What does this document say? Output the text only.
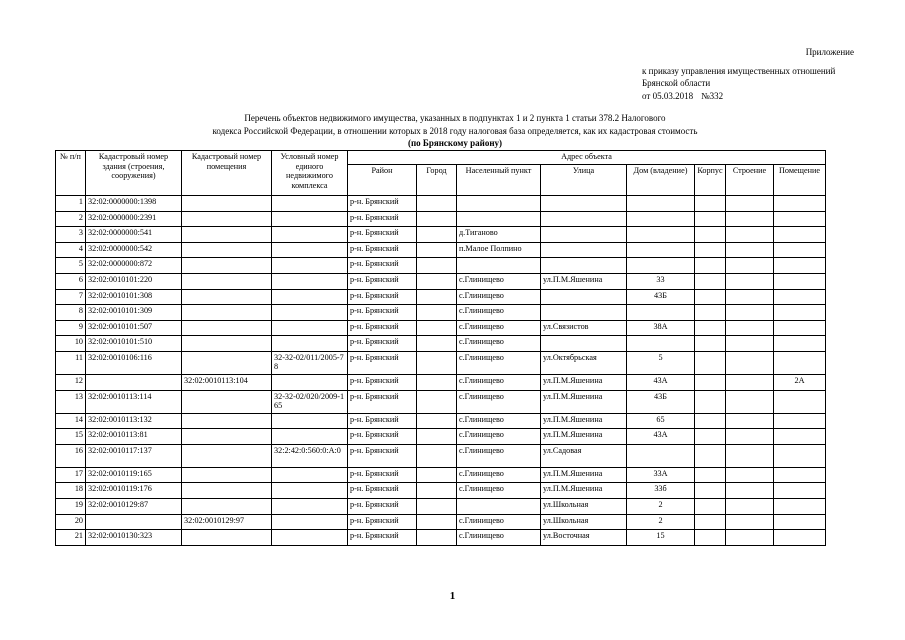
Приложение
к приказу управления имущественных отношений
Брянской области
от 05.03.2018 №332
Перечень объектов недвижимого имущества, указанных в подпунктах 1 и 2 пункта 1 статьи 378.2 Налогового
кодекса Российской Федерации, в отношении которых в 2018 году налоговая база определяется, как их кадастровая стоимость
(по Брянскому району)
№ п/п	Кадастровый номер здания (строения, сооружения)	Кадастровый номер помещения	Условный номер единого недвижимого комплекса	Адрес объекта							
				Район	Город	Населенный пункт	Улица	Дом (владение)	Корпус	Строение	Помещение
1	32:02:0000000:1398			р-н. Брянский							
2	32:02:0000000:2391			р-н. Брянский							
3	32:02:0000000:541			р-н. Брянский		д.Тиганово					
4	32:02:0000000:542			р-н. Брянский		п.Малое Полпино					
5	32:02:0000000:872			р-н. Брянский							
6	32:02:0010101:220			р-н. Брянский		с.Глинищево	ул.П.М.Яшенина	33			
7	32:02:0010101:308			р-н. Брянский		с.Глинищево		43Б			
8	32:02:0010101:309			р-н. Брянский		с.Глинищево					
9	32:02:0010101:507			р-н. Брянский		с.Глинищево	ул.Связистов	38А			
10	32:02:0010101:510			р-н. Брянский		с.Глинищево					
11	32:02:0010106:116		32-32-02/011/2005-78	р-н. Брянский		с.Глинищево	ул.Октябрьская	5			
12		32:02:0010113:104		р-н. Брянский		с.Глинищево	ул.П.М.Яшенина	43А			2А
13	32:02:0010113:114		32-32-02/020/2009-165	р-н. Брянский		с.Глинищево	ул.П.М.Яшенина	43Б			
14	32:02:0010113:132			р-н. Брянский		с.Глинищево	ул.П.М.Яшенина	65			
15	32:02:0010113:81			р-н. Брянский		с.Глинищево	ул.П.М.Яшенина	43А			
16	32:02:0010117:137		32:2:42:0:560:0:А:0	р-н. Брянский		с.Глинищево	ул.Садовая				
17	32:02:0010119:165			р-н. Брянский		с.Глинищево	ул.П.М.Яшенина	33А			
18	32:02:0010119:176			р-н. Брянский		с.Глинищево	ул.П.М.Яшенина	33б			
19	32:02:0010129:87			р-н. Брянский			ул.Школьная	2			
20		32:02:0010129:97		р-н. Брянский		с.Глинищево	ул.Школьная	2			
21	32:02:0010130:323			р-н. Брянский		с.Глинищево	ул.Восточная	15			
1
